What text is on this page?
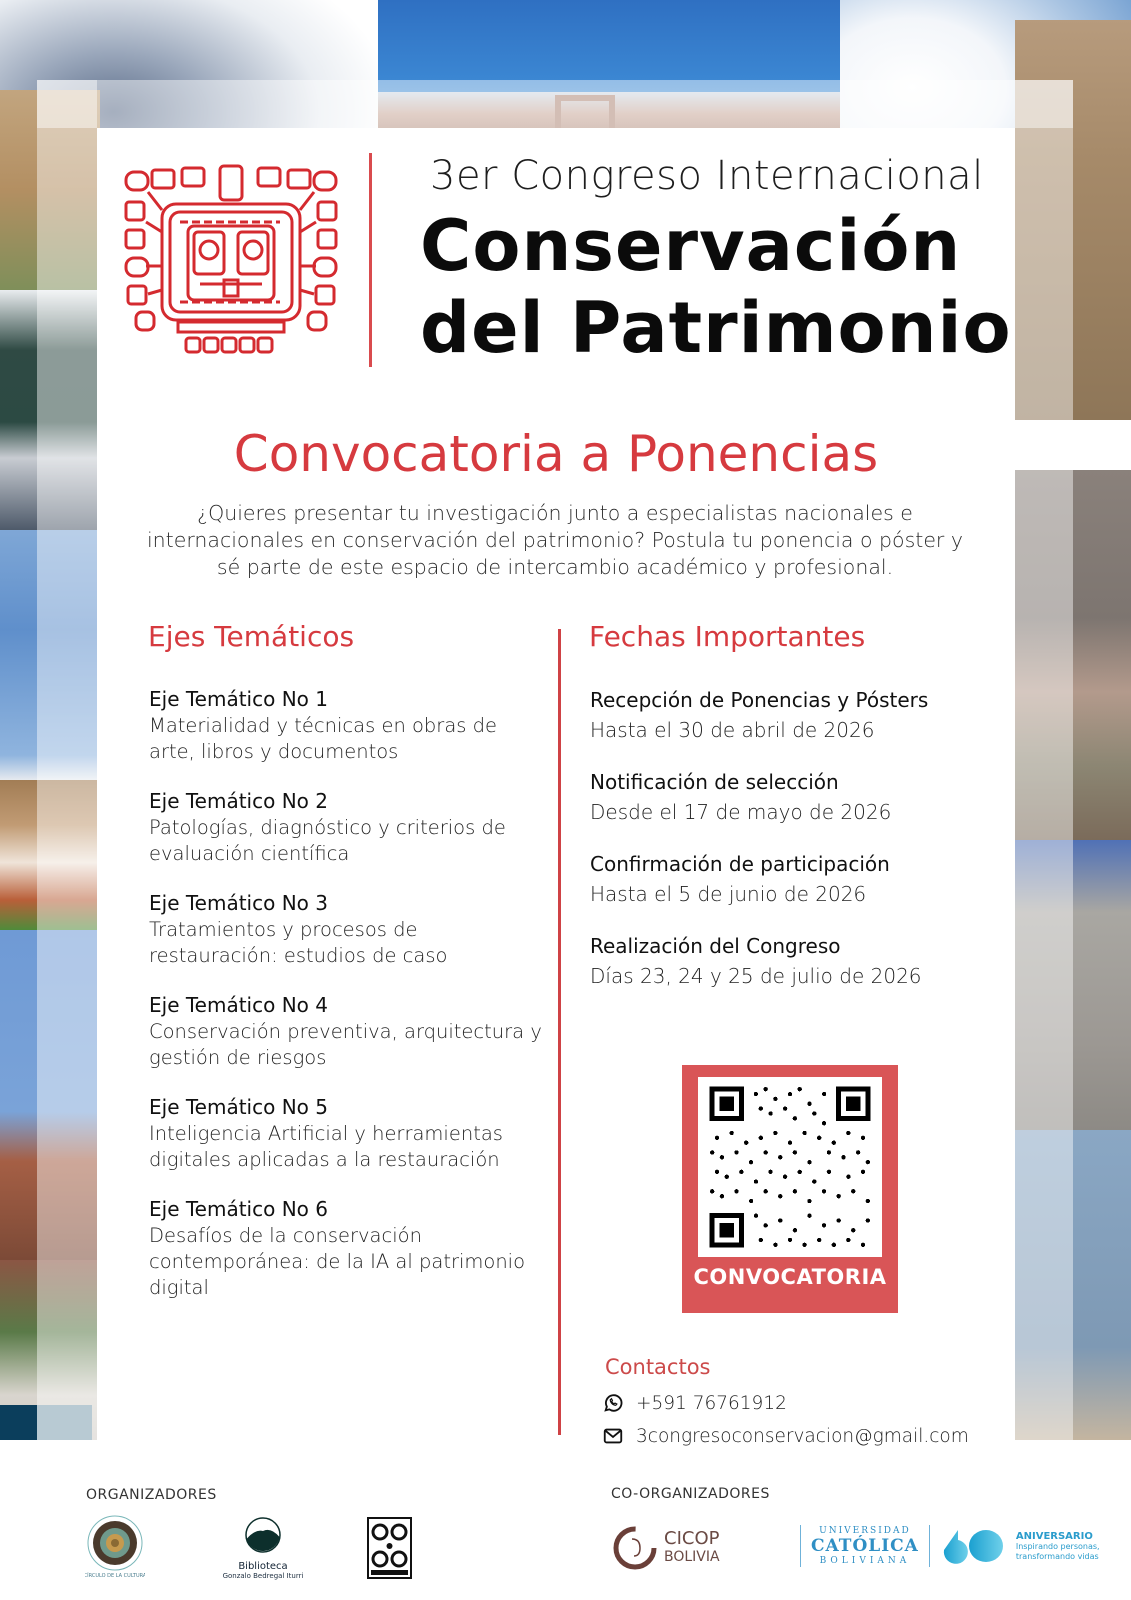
3er Congreso Internacional
Conservación
del Patrimonio
Convocatoria a Ponencias
¿Quieres presentar tu investigación junto a especialistas nacionales e internacionales en conservación del patrimonio? Postula tu ponencia o póster y sé parte de este espacio de intercambio académico y profesional.
Ejes Temáticos
Eje Temático No 1
Materialidad y técnicas en obras de arte, libros y documentos
Eje Temático No 2
Patologías, diagnóstico y criterios de evaluación científica
Eje Temático No 3
Tratamientos y procesos de restauración: estudios de caso
Eje Temático No 4
Conservación preventiva, arquitectura y gestión de riesgos
Eje Temático No 5
Inteligencia Artificial y herramientas digitales aplicadas a la restauración
Eje Temático No 6
Desafíos de la conservación contemporánea: de la IA al patrimonio digital
Fechas Importantes
Recepción de Ponencias y Pósters
Hasta el 30 de abril de 2026
Notificación de selección
Desde el 17 de mayo de 2026
Confirmación de participación
Hasta el 5 de junio de 2026
Realización del Congreso
Días 23, 24 y 25 de julio de 2026
CONVOCATORIA
Contactos
+591 76761912
3congresoconservacion@gmail.com
ORGANIZADORES	CO-ORGANIZADORES
CÍRCULO DE LA CULTURA
Biblioteca
Gonzalo Bedregal Iturri
CICOP
BOLIVIA
UNIVERSIDAD
CATÓLICA
BOLIVIANA
ANIVERSARIO
Inspirando personas,
transformando vidas
